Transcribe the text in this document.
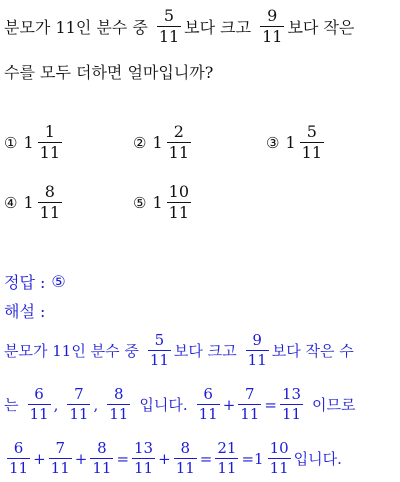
분모가 11인 분수 중 $\frac{5}{11}$ 보다 크고 $\frac{9}{11}$ 보다 작은
수를 모두 더하면 얼마입니까?
① $1 \frac{1}{11}$	② $1 \frac{2}{11}$	③ $1 \frac{5}{11}$
④ $1 \frac{8}{11}$	⑤ $1 \frac{10}{11}$
정답 : ⑤
해설 :
분모가 11인 분수 중 $\frac{5}{11}$ 보다 크고 $\frac{9}{11}$ 보다 작은 수
는 $\frac{6}{11}$ , $\frac{7}{11}$ , $\frac{8}{11}$ 입니다. $\frac{6}{11} + \frac{7}{11} = \frac{13}{11}$ 이므로
$\frac{6}{11} + \frac{7}{11} + \frac{8}{11} = \frac{13}{11} + \frac{8}{11} = \frac{21}{11} = 1 \frac{10}{11}$ 입니다.
